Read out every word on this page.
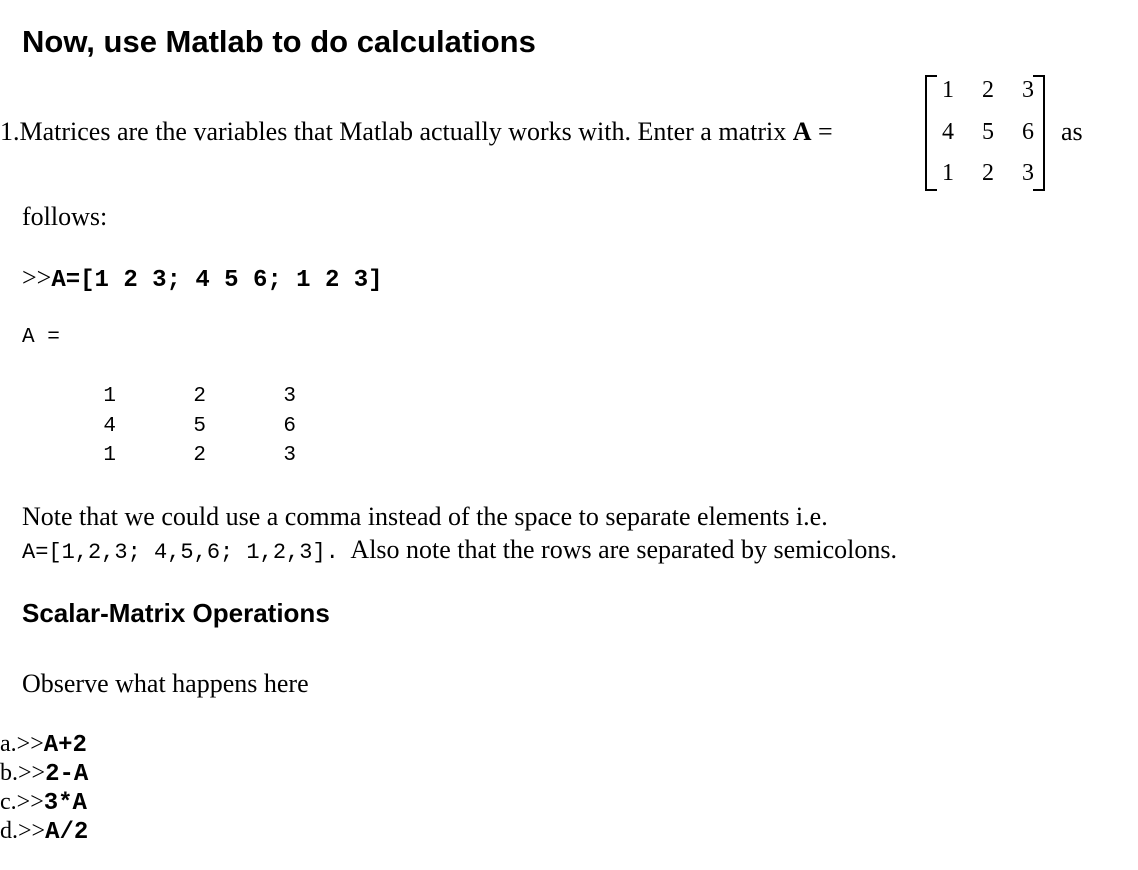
Now, use Matlab to do calculations
1.Matrices are the variables that Matlab actually works with. Enter a matrix A =
1	2	3
4	5	6
1	2	3
as
follows:
>>A=[1 2 3; 4 5 6; 1 2 3]
A =
1	2	3
4	5	6
1	2	3
Note that we could use a comma instead of the space to separate elements i.e.
A=[1,2,3; 4,5,6; 1,2,3].  Also note that the rows are separated by semicolons.
Scalar-Matrix Operations
Observe what happens here
a.>>A+2
b.>>2-A
c.>>3*A
d.>>A/2
